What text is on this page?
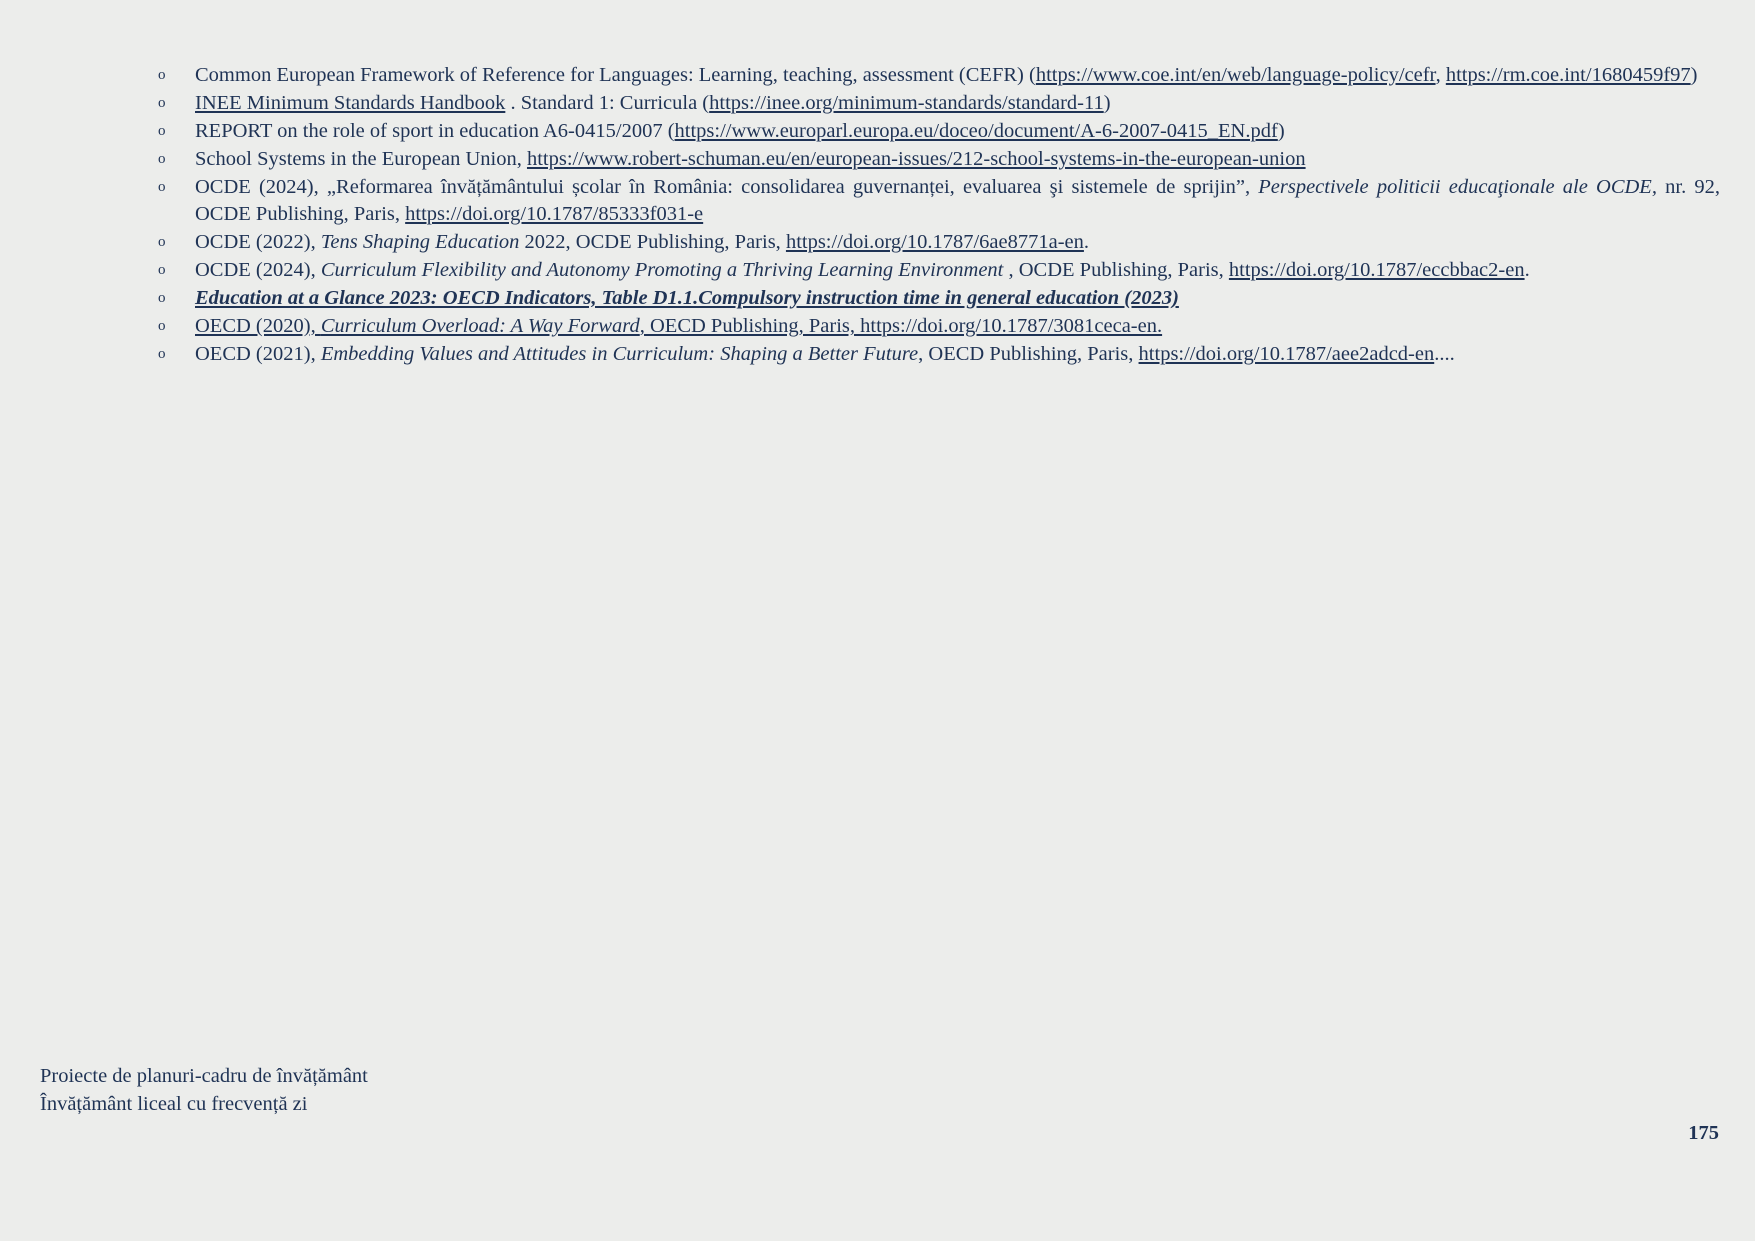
o Common European Framework of Reference for Languages: Learning, teaching, assessment (CEFR) (https://www.coe.int/en/web/language-policy/cefr, https://rm.coe.int/1680459f97)
o INEE Minimum Standards Handbook . Standard 1: Curricula (https://inee.org/minimum-standards/standard-11)
o REPORT on the role of sport in education A6-0415/2007 (https://www.europarl.europa.eu/doceo/document/A-6-2007-0415_EN.pdf)
o School Systems in the European Union, https://www.robert-schuman.eu/en/european-issues/212-school-systems-in-the-european-union
o OCDE (2024), „Reformarea învățământului școlar în România: consolidarea guvernanței, evaluarea şi sistemele de sprijin”, Perspectivele politicii educaţionale ale OCDE, nr. 92, OCDE Publishing, Paris, https://doi.org/10.1787/85333f031-e
o OCDE (2022), Tens Shaping Education 2022, OCDE Publishing, Paris, https://doi.org/10.1787/6ae8771a-en.
o OCDE (2024), Curriculum Flexibility and Autonomy Promoting a Thriving Learning Environment , OCDE Publishing, Paris, https://doi.org/10.1787/eccbbac2-en.
o Education at a Glance 2023: OECD Indicators, Table D1.1.Compulsory instruction time in general education (2023)
o OECD (2020), Curriculum Overload: A Way Forward, OECD Publishing, Paris, https://doi.org/10.1787/3081ceca-en.
o OECD (2021), Embedding Values and Attitudes in Curriculum: Shaping a Better Future, OECD Publishing, Paris, https://doi.org/10.1787/aee2adcd-en....
Proiecte de planuri-cadru de învățământ
Învățământ liceal cu frecvență zi
175
